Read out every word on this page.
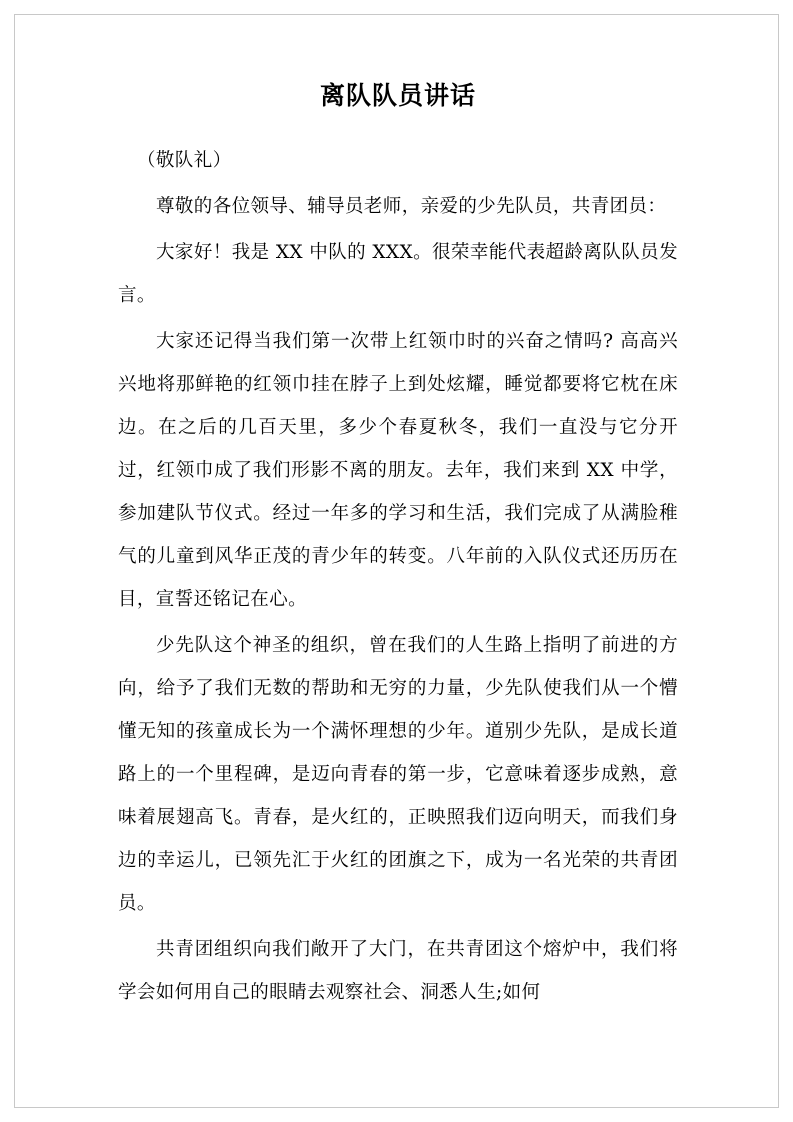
离队队员讲话

（敬队礼）

尊敬的各位领导、辅导员老师，亲爱的少先队员，共青团员：

大家好！我是 XX 中队的 XXX。很荣幸能代表超龄离队队员发言。

大家还记得当我们第一次带上红领巾时的兴奋之情吗? 高高兴兴地将那鲜艳的红领巾挂在脖子上到处炫耀，睡觉都要将它枕在床边。在之后的几百天里，多少个春夏秋冬，我们一直没与它分开过，红领巾成了我们形影不离的朋友。去年，我们来到 XX 中学，参加建队节仪式。经过一年多的学习和生活，我们完成了从满脸稚气的儿童到风华正茂的青少年的转变。八年前的入队仪式还历历在目，宣誓还铭记在心。

少先队这个神圣的组织，曾在我们的人生路上指明了前进的方向，给予了我们无数的帮助和无穷的力量，少先队使我们从一个懵懂无知的孩童成长为一个满怀理想的少年。道别少先队，是成长道路上的一个里程碑，是迈向青春的第一步，它意味着逐步成熟，意味着展翅高飞。青春，是火红的，正映照我们迈向明天，而我们身边的幸运儿，已领先汇于火红的团旗之下，成为一名光荣的共青团员。

共青团组织向我们敞开了大门，在共青团这个熔炉中，我们将学会如何用自己的眼睛去观察社会、洞悉人生;如何
